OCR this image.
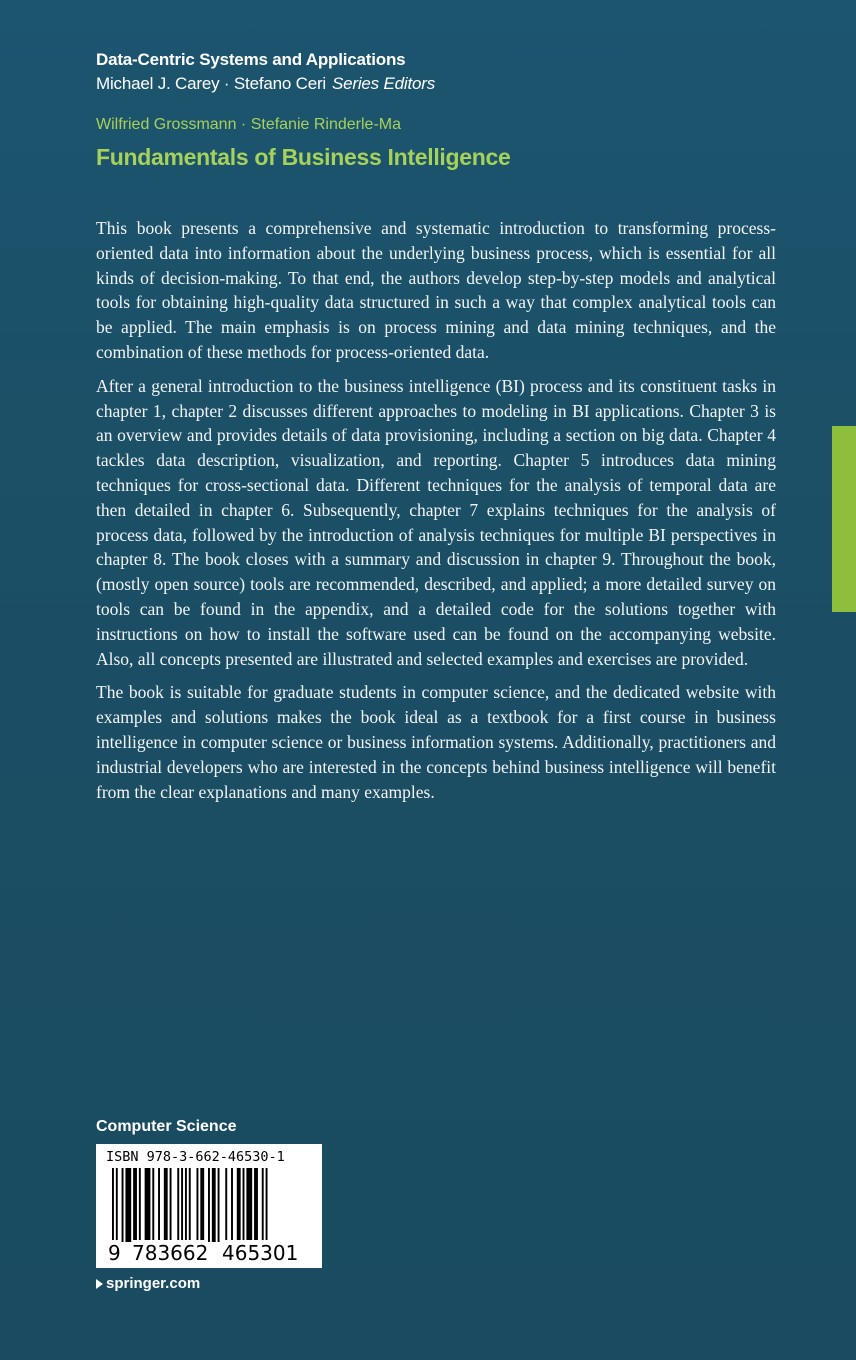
Data-Centric Systems and Applications
Michael J. Carey · Stefano Ceri Series Editors
Wilfried Grossmann · Stefanie Rinderle-Ma
Fundamentals of Business Intelligence

This book presents a comprehensive and systematic introduction to transforming process-oriented data into information about the underlying business process, which is essential for all kinds of decision-making. To that end, the authors develop step-by-step models and analytical tools for obtaining high-quality data structured in such a way that complex analytical tools can be applied. The main emphasis is on process mining and data mining techniques, and the combination of these methods for process-oriented data.

After a general introduction to the business intelligence (BI) process and its constituent tasks in chapter 1, chapter 2 discusses different approaches to modeling in BI applications. Chapter 3 is an overview and provides details of data provisioning, including a section on big data. Chapter 4 tackles data description, visualization, and reporting. Chapter 5 introduces data mining techniques for cross-sectional data. Different techniques for the analysis of temporal data are then detailed in chapter 6. Subsequently, chapter 7 explains techniques for the analysis of process data, followed by the introduction of analysis techniques for multiple BI perspectives in chapter 8. The book closes with a summary and discussion in chapter 9. Throughout the book, (mostly open source) tools are recommended, described, and applied; a more detailed survey on tools can be found in the appendix, and a detailed code for the solutions together with instructions on how to install the software used can be found on the accompanying website. Also, all concepts presented are illustrated and selected examples and exercises are provided.

The book is suitable for graduate students in computer science, and the dedicated website with examples and solutions makes the book ideal as a textbook for a first course in business intelligence in computer science or business information systems. Additionally, practitioners and industrial developers who are interested in the concepts behind business intelligence will benefit from the clear explanations and many examples.

Computer Science
ISBN 978-3-662-46530-1
9 783662 465301
springer.com
